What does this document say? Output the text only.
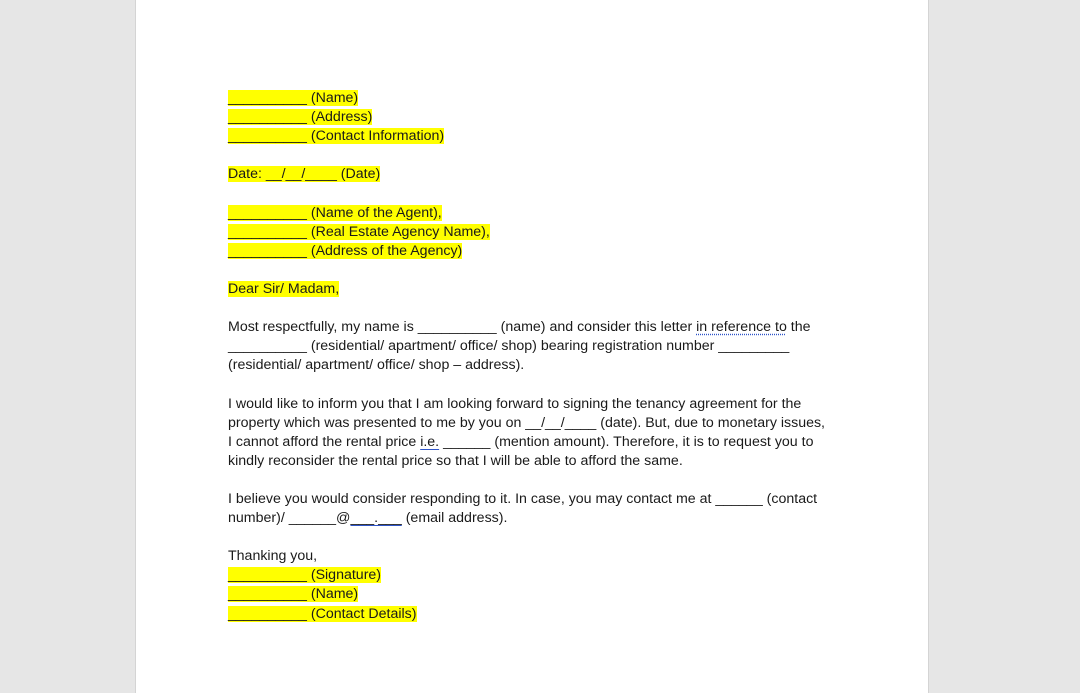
__________ (Name)
__________ (Address)
__________ (Contact Information)
Date: __/__/____ (Date)
__________ (Name of the Agent),
__________ (Real Estate Agency Name),
__________ (Address of the Agency)
Dear Sir/ Madam,
Most respectfully, my name is __________ (name) and consider this letter in reference to the
__________ (residential/ apartment/ office/ shop) bearing registration number _________
(residential/ apartment/ office/ shop – address).
I would like to inform you that I am looking forward to signing the tenancy agreement for the
property which was presented to me by you on __/__/____ (date). But, due to monetary issues,
I cannot afford the rental price i.e. ______ (mention amount). Therefore, it is to request you to
kindly reconsider the rental price so that I will be able to afford the same.
I believe you would consider responding to it. In case, you may contact me at ______ (contact
number)/ ______@___.___ (email address).
Thanking you,
__________ (Signature)
__________ (Name)
__________ (Contact Details)
